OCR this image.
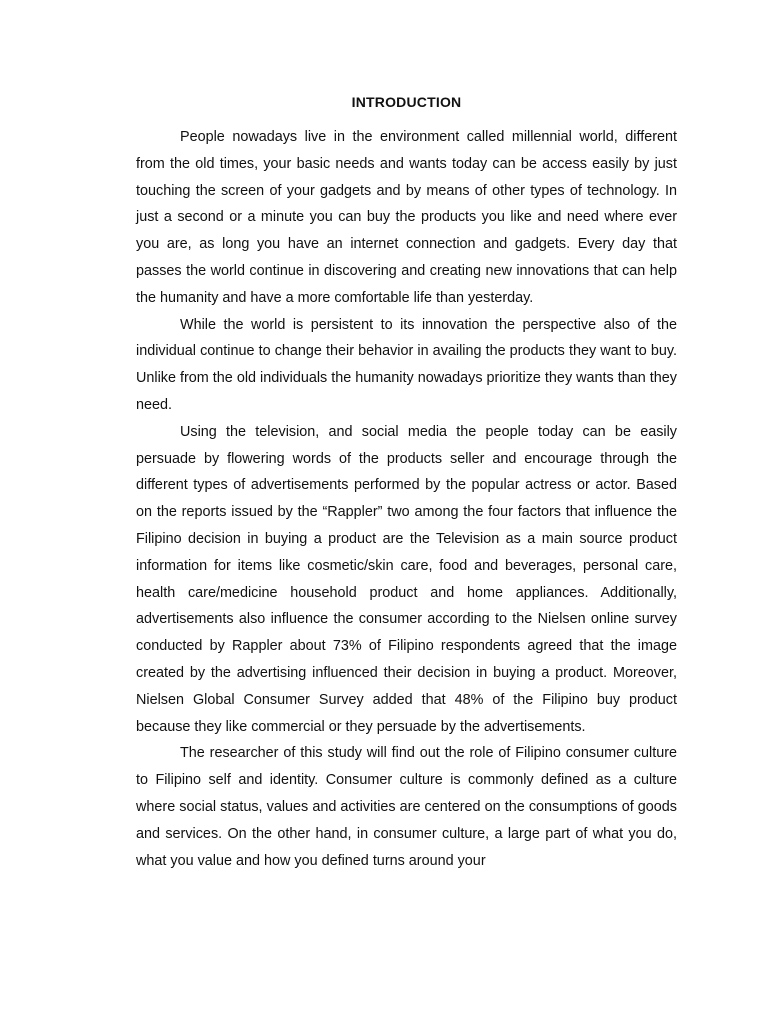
INTRODUCTION

People nowadays live in the environment called millennial world, different from the old times, your basic needs and wants today can be access easily by just touching the screen of your gadgets and by means of other types of technology. In just a second or a minute you can buy the products you like and need where ever you are, as long you have an internet connection and gadgets. Every day that passes the world continue in discovering and creating new innovations that can help the humanity and have a more comfortable life than yesterday.

While the world is persistent to its innovation the perspective also of the individual continue to change their behavior in availing the products they want to buy. Unlike from the old individuals the humanity nowadays prioritize they wants than they need.

Using the television, and social media the people today can be easily persuade by flowering words of the products seller and encourage through the different types of advertisements performed by the popular actress or actor. Based on the reports issued by the “Rappler” two among the four factors that influence the Filipino decision in buying a product are the Television as a main source product information for items like cosmetic/skin care, food and beverages, personal care, health care/medicine household product and home appliances. Additionally, advertisements also influence the consumer according to the Nielsen online survey conducted by Rappler about 73% of Filipino respondents agreed that the image created by the advertising influenced their decision in buying a product. Moreover, Nielsen Global Consumer Survey added that 48% of the Filipino buy product because they like commercial or they persuade by the advertisements.

The researcher of this study will find out the role of Filipino consumer culture to Filipino self and identity. Consumer culture is commonly defined as a culture where social status, values and activities are centered on the consumptions of goods and services. On the other hand, in consumer culture, a large part of what you do, what you value and how you defined turns around your
